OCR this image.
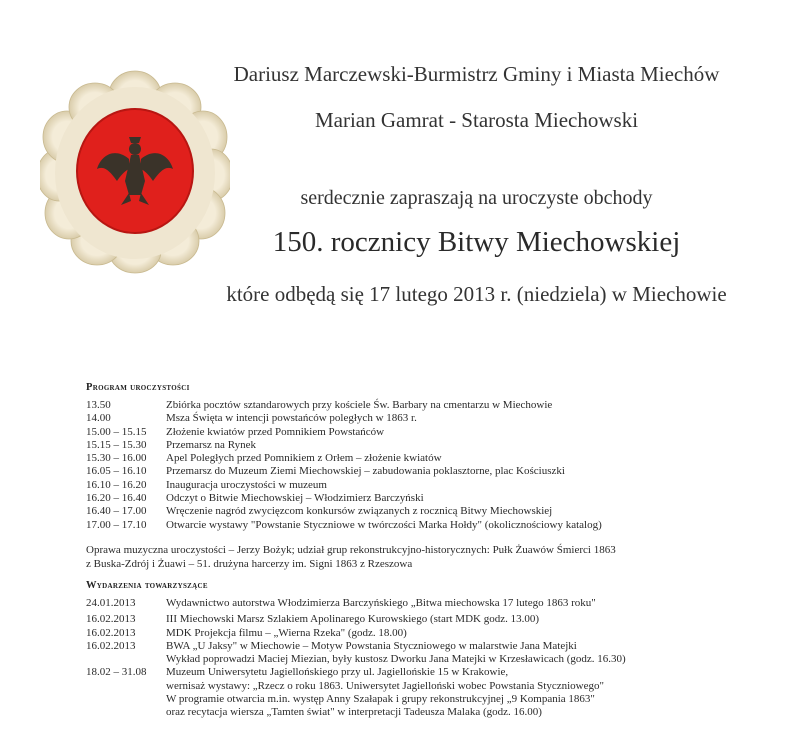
Dariusz Marczewski-Burmistrz Gminy i Miasta Miechów
Marian Gamrat - Starosta Miechowski
serdecznie zapraszają na uroczyste obchody
150. rocznicy Bitwy Miechowskiej
które odbędą się 17 lutego 2013 r. (niedziela) w Miechowie
Program uroczystości
13.50	Zbiórka pocztów sztandarowych przy kościele Św. Barbary na cmentarzu w Miechowie
14.00	Msza Święta w intencji powstańców poległych w 1863 r.
15.00 – 15.15	Złożenie kwiatów przed Pomnikiem Powstańców
15.15 – 15.30	Przemarsz na Rynek
15.30 – 16.00	Apel Poległych przed Pomnikiem z Orłem – złożenie kwiatów
16.05 – 16.10	Przemarsz do Muzeum Ziemi Miechowskiej – zabudowania poklasztorne, plac Kościuszki
16.10 – 16.20	Inauguracja uroczystości w muzeum
16.20 – 16.40	Odczyt o Bitwie Miechowskiej – Włodzimierz Barczyński
16.40 – 17.00	Wręczenie nagród zwycięzcom konkursów związanych z rocznicą Bitwy Miechowskiej
17.00 – 17.10	Otwarcie wystawy "Powstanie Styczniowe w twórczości Marka Hołdy" (okolicznościowy katalog)
Oprawa muzyczna uroczystości – Jerzy Bożyk; udział grup rekonstrukcyjno-historycznych: Pułk Żuawów Śmierci 1863
z Buska-Zdrój i Żuawi – 51. drużyna harcerzy im. Signi 1863 z Rzeszowa
Wydarzenia towarzyszące
24.01.2013	Wydawnictwo autorstwa Włodzimierza Barczyńskiego „Bitwa miechowska 17 lutego 1863 roku"
16.02.2013	III Miechowski Marsz Szlakiem Apolinarego Kurowskiego (start MDK godz. 13.00)
16.02.2013	MDK Projekcja filmu – „Wierna Rzeka" (godz. 18.00)
16.02.2013	BWA „U Jaksy" w Miechowie – Motyw Powstania Styczniowego w malarstwie Jana Matejki
Wykład poprowadzi Maciej Miezian, były kustosz Dworku Jana Matejki w Krzesławicach (godz. 16.30)
18.02 – 31.08	Muzeum Uniwersytetu Jagiellońskiego przy ul. Jagiellońskie 15 w Krakowie,
wernisaż wystawy: „Rzecz o roku 1863. Uniwersytet Jagielloński wobec Powstania Styczniowego"
W programie otwarcia m.in. występ Anny Szałapak i grupy rekonstrukcyjnej „9 Kompania 1863"
oraz recytacja wiersza „Tamten świat" w interpretacji Tadeusza Malaka (godz. 16.00)
